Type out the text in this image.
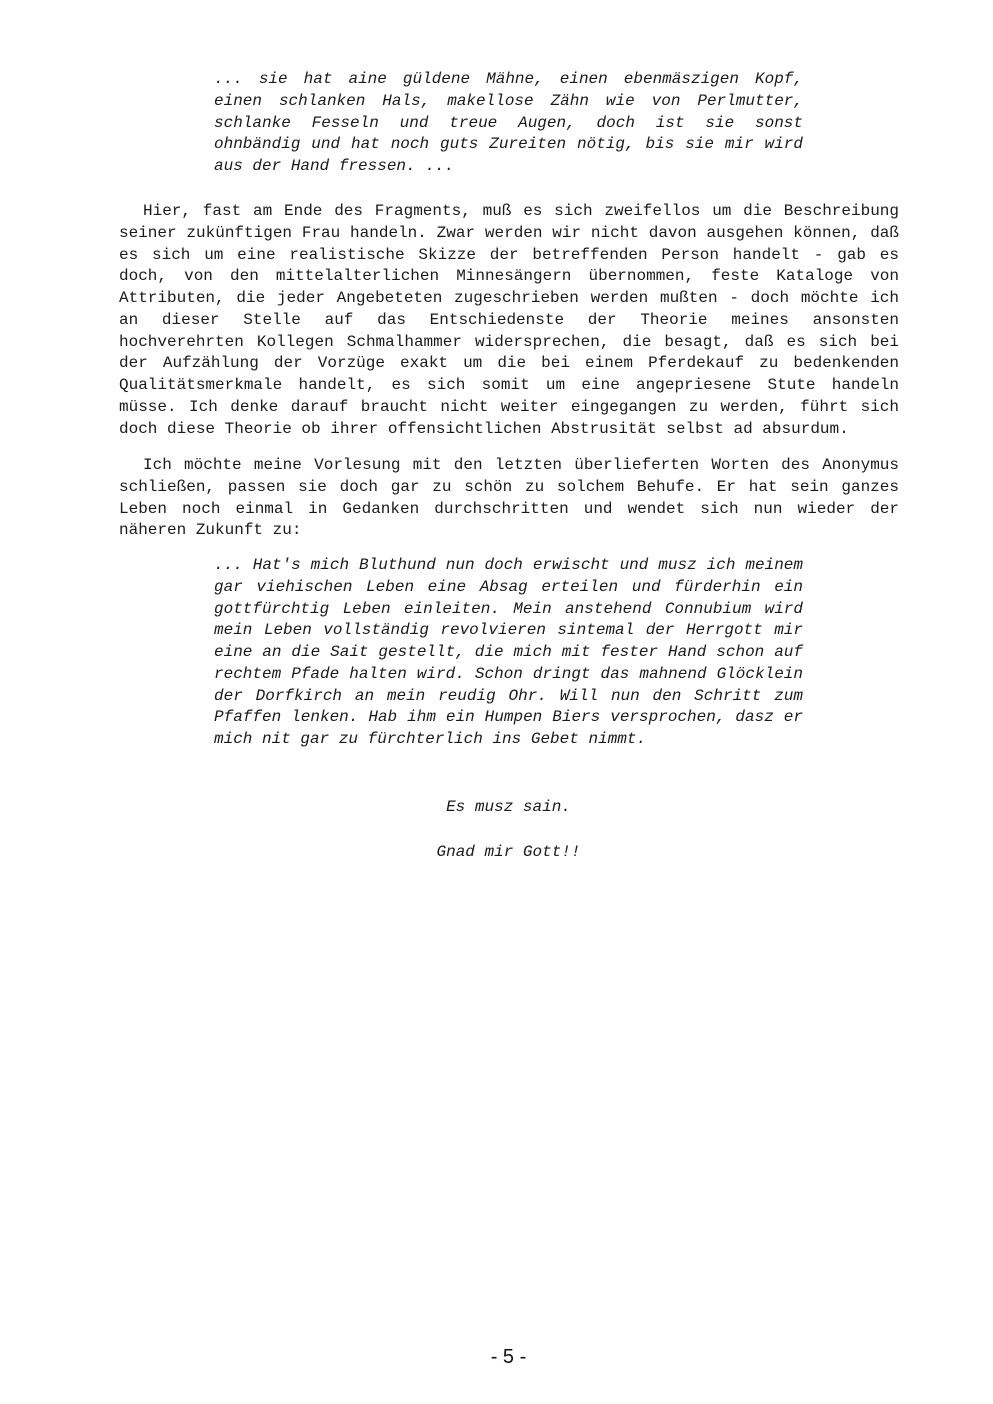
... sie hat aine güldene Mähne, einen ebenmäszigen Kopf, einen schlanken Hals, makellose Zähn wie von Perlmutter, schlanke Fesseln und treue Augen, doch ist sie sonst ohnbändig und hat noch guts Zureiten nötig, bis sie mir wird aus der Hand fressen. ...

Hier, fast am Ende des Fragments, muß es sich zweifellos um die Beschreibung seiner zukünftigen Frau handeln. Zwar werden wir nicht davon ausgehen können, daß es sich um eine realistische Skizze der betreffenden Person handelt - gab es doch, von den mittelalterlichen Minnesängern übernommen, feste Kataloge von Attributen, die jeder Angebeteten zugeschrieben werden mußten - doch möchte ich an dieser Stelle auf das Entschiedenste der Theorie meines ansonsten hochverehrten Kollegen Schmalhammer widersprechen, die besagt, daß es sich bei der Aufzählung der Vorzüge exakt um die bei einem Pferdekauf zu bedenkenden Qualitätsmerkmale handelt, es sich somit um eine angepriesene Stute handeln müsse. Ich denke darauf braucht nicht weiter eingegangen zu werden, führt sich doch diese Theorie ob ihrer offensichtlichen Abstrusität selbst ad absurdum.

Ich möchte meine Vorlesung mit den letzten überlieferten Worten des Anonymus schließen, passen sie doch gar zu schön zu solchem Behufe. Er hat sein ganzes Leben noch einmal in Gedanken durchschritten und wendet sich nun wieder der näheren Zukunft zu:

... Hat's mich Bluthund nun doch erwischt und musz ich meinem gar viehischen Leben eine Absag erteilen und fürderhin ein gottfürchtig Leben einleiten. Mein anstehend Connubium wird mein Leben vollständig revolvieren sintemal der Herrgott mir eine an die Sait gestellt, die mich mit fester Hand schon auf rechtem Pfade halten wird. Schon dringt das mahnend Glöcklein der Dorfkirch an mein reudig Ohr. Will nun den Schritt zum Pfaffen lenken. Hab ihm ein Humpen Biers versprochen, dasz er mich nit gar zu fürchterlich ins Gebet nimmt.

Es musz sain.

Gnad mir Gott!!

- 5 -
